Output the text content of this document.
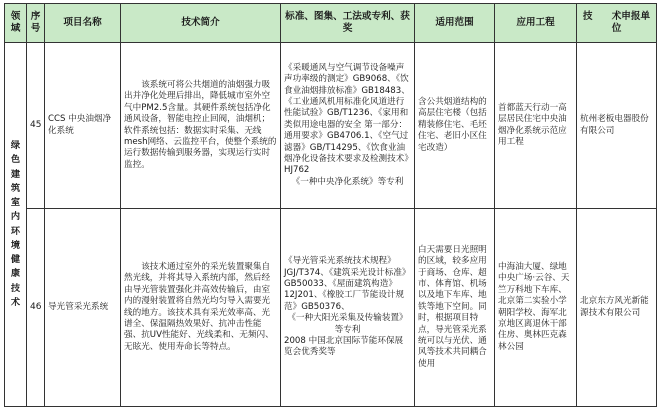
领域	序号	项目名称	技术简介	标准、图集、工法或专利、获奖	适用范围	应用工程	技　　术申报单位
绿色建筑室内环境健康技术	45	CCS 中央油烟净化系统	该系统可将公共烟道的油烟强力吸出并净化处理后排出，降低城市室外空气中PM2.5含量。其硬件系统包括净化通风设备，智能电控止回阀，油烟机；软件系统包括：数据实时采集、无线mesh网络、云监控平台，使整个系统的运行数据传输到服务器，实现运行实时监控。	《采暖通风与空气调节设备噪声声功率级的测定》GB9068、《饮食业油烟排放标准》GB18483、《工业通风机用标准化风道进行性能试验》GB/T1236、《家用和类似用途电器的安全 第一部分：通用要求》GB4706.1、《空气过滤器》GB/T14295、《饮食业油烟净化设备技术要求及检测技术》HJ762
《一种中央净化系统》等专利	含公共烟道结构的高层住宅楼（包括精装修住宅、毛坯住宅、老旧小区住宅改造）	首都蓝天行动一高层居民住宅中央油烟净化系统示范应用工程	杭州老板电器股份有限公司
	46	导光管采光系统	该技术通过室外的采光装置聚集自然光线，并将其导入系统内部，然后经由导光管装置强化并高效传输后，由室内的漫射装置将自然光均匀导入需要光线的地方。该技术具有采光效率高、光谱全、保温隔热效果好、抗冲击性能强、抗UV性能好、光线柔和、无频闪、无眩光、使用寿命长等特点。	《导光管采光系统技术规程》JGJ/T374、《建筑采光设计标准》GB50033、《屋面建筑构造》12J201、《橡胶工厂节能设计规范》GB50376、
《一种大阳光采集及传输装置》等专利
2008 中国北京国际节能环保展览会优秀奖等	白天需要日光照明的区域，较多应用于商场、仓库、超市、体育馆、机场以及地下车库、地铁等地下空间。同时，根据项目特点，导光管采光系统可以与光伏、通风等技术共同耦合使用	中海油大厦、绿地中央广场·云谷、天竺万科地下车库、北京第二实验小学朝阳学校、海军北京地区离退休干部住房、奥林匹克森林公园	北京东方风光新能源技术有限公司
